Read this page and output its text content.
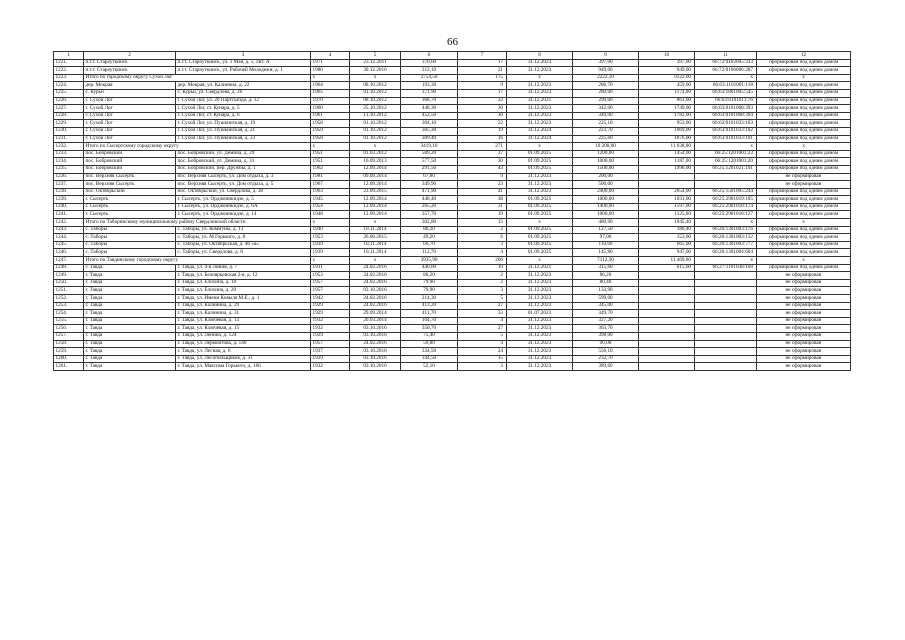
66
1	2	3	4	5	6	7	8	9	10	11	12
1221.	п.г.т. Староуткинск	п.г.т. Староуткинск, ул. 1 Мая, д. 5, лит. А	1971	23.12.2011	370,60	17	31.12.2023	397,00	397,00	66:72:0102005:333	сформирован под одним домом
1222.	п.г.т. Староуткинск	п.г.т. Староуткинск, ул. Рабочей Молодежи, д. 1	1980	30.12.2016	312,10	21	31.12.2023	949,00	949,00	66:72:0106006:287	сформирован под одним домом
1223.	Итого по городскому округу Сухой Лог		x	x	2754,50	175	x	2222,10	9122,00	x	x
1224.	дер. Мокрая	дер. Мокрая, ул. Калинина, д. 22	1964	08.10.2012	193,30	9	31.12.2023	286,70	459,00	66:63:1101001:118	сформирован под одним домом
1225.	с. Курьи	с. Курьи, ул. Свердлова, д. 26	1965	01.10.2012	371,90	17	31.12.2023	280,00	1174,00	66:63:1801005:545	сформирован под одним домом
1226.	г. Сухой Лог	г. Сухой Лог, ул. 20 Партсъезда, д. 12	1970	08.10.2012	368,70	32	31.12.2021	299,00	861,00	66:63:0101011:76	сформирован под одним домом
1227.	г. Сухой Лог	г. Сухой Лог, ст. Кунара, д. 5	1960	25.10.2012	448,30	30	31.12.2023	342,00	1749,00	66:63:0101068:393	сформирован под одним домом
1228.	г. Сухой Лог	г. Сухой Лог, ст. Кунара, д. 6	1961	11.10.2012	452,50	30	31.12.2023	340,00	1782,00	66:63:0101068:394	сформирован под одним домом
1229.	г. Сухой Лог	г. Сухой Лог, ул. Пушкинская, д. 19	1958	01.10.2012	304,10	22	31.12.2023	225,10	953,00	66:63:0101033:103	сформирован под одним домом
1230.	г. Сухой Лог	г. Сухой Лог, ул. Пушкинская, д. 21	1959	01.10.2012	305,30	19	31.12.2024	223,70	1069,00	66:63:0101033:102	сформирован под одним домом
1231.	г. Сухой Лог	г. Сухой Лог, ул. Пушкинская, д. 23	1958	01.10.2012	309,40	16	31.12.2024	225,60	1076,00	66:63:0101033:101	сформирован под одним домом
1232.	Итого по Сысертскому городскому округу		x	x	3419,10	271	x	10 200,00	11 038,00	x	x
1233.	пос. Бобровский	пос. Бобровский, ул. Демина, д. 29	1951	01.03.2012	589,20	37	01.09.2025	1200,00	1454,00	66:25:1201001:23	сформирован под одним домом
1234.	пос. Бобровский	пос. Бобровский, ул. Демина, д. 31	1951	16.09.2013	577,50	30	01.09.2025	1000,00	1187,00	66:25:1201001:20	сформирован под одним домом
1235.	пос. Бобровский	пос. Бобровский, пер. Дружбы, д. 1	1962	12.09.2014	291,50	43	01.09.2025	1500,00	1990,00	66:25:1201021:101	сформирован под одним домом
1236.	пос. Верхняя Сысерть	пос. Верхняя Сысерть, ул. Дом отдыха, д. 3	1981	09.09.2014	67,80	9	31.12.2023	200,00			не сформирован
1237.	пос. Верхняя Сысерть	пос. Верхняя Сысерть, ул. Дом отдыха, д. 5	1967	12.09.2014	349,90	23	31.12.2023	500,00			не сформирован
1238.	пос. Октябрьский	пос. Октябрьский, ул. Свердлова, д. 38	1963	23.09.2015	471,90	41	31.12.2023	2400,00	2654,00	66:25:1501005:244	сформирован под одним домом
1239.	г. Сысерть	г. Сысерть, ул. Орджоникидзе, д. 5	1945	12.09.2014	448,40	38	01.09.2025	1000,00	1031,00	66:25:2901019:105	сформирован под одним домом
1240.	г. Сысерть	г. Сысерть, ул. Орджоникидзе, д. 6А	1954	12.09.2014	265,20	31	01.09.2025	1400,00	1597,00	66:25:2901018:174	сформирован под одним домом
1241.	г. Сысерть	г. Сысерть, ул. Орджоникидзе, д. 14	1948	12.09.2014	357,70	19	01.09.2025	1000,00	1125,00	66:25:2901018:127	сформирован под одним домом
1242.	Итого по Таборинскому муниципальному району Свердловской области		x	x	302,80	15	x	480,90	1945,40	x	x
1243.	с. Таборы	с. Таборы, ул. Коммуны, д. 13	1940	10.11.2014	80,20	2	01.09.2025	127,50	180,40	66:26:1301003:176	сформирован под одним домом
1244.	с. Таборы	с. Таборы, ул. М.Горького, д. 8	1953	26.06.2015	49,20	6	01.09.2025	97,00	153,00	66:26:1301003:132	сформирован под одним домом
1245.	с. Таборы	с. Таборы, ул. Октябрьская, д. 46 «а»	1939	10.11.2014	60,70	3	01.09.2025	110,60	665,00	66:26:1301003:777	сформирован под одним домом
1246.	с. Таборы	с. Таборы, ул. Свердлова, д. 8	1939	10.11.2014	112,70	4	01.09.2025	145,80	947,00	66:26:1301004:604	сформирован под одним домом
1247.	Итого по Тавдинскому городскому округу		x	x	3935,90	206	x	7112,30	11 469,60	x	x
1248.	г. Тавда	г. Тавда, ул. 4-я Линия, д. 7	1931	24.02.2016	440,00	10	31.12.2021	315,60	615,60	66:27:1101038:168	сформирован под одним домом
1249.	г. Тавда	г. Тавда, ул. Белоярковская 2-я, д. 12	1953	24.02.2016	86,20	2	31.12.2023	86,20			не сформирован
1250.	г. Тавда	г. Тавда, ул. Елохина, д. 18	1957	24.02.2016	79,90	2	31.12.2023	80,40			не сформирован
1251.	г. Тавда	г. Тавда, ул. Елохина, д. 20	1957	03.10.2016	79,90	3	31.12.2023	133,90			не сформирован
1252.	г. Тавда	г. Тавда, ул. Имени Ковыля М.Е., д. 1	1942	24.02.2016	214,30	5	31.12.2023	599,00			не сформирован
1253.	г. Тавда	г. Тавда, ул. Калинина, д. 29	1929	24.02.2016	413,20	27	31.12.2023	345,00			не сформирован
1254.	г. Тавда	г. Тавда, ул. Калинина, д. 31	1929	29.09.2014	411,70	33	01.07.2023	349,70			не сформирован
1255.	г. Тавда	г. Тавда, ул. Ключевая, д. 13	1932	20.03.2014	104,70	4	31.12.2023	327,20			не сформирован
1256.	г. Тавда	г. Тавда, ул. Ключевая, д. 15	1932	03.10.2016	350,70	27	31.12.2023	363,70			не сформирован
1257.	г. Тавда	г. Тавда, ул. Ленина, д. 124	1929	03.10.2016	75,40	5	31.12.2023	398,00			не сформирован
1258.	г. Тавда	г. Тавда, ул. Лермонтова, д. 140	1957	24.02.2016	59,80	4	31.12.2023	96,00			не сформирован
1259.	г. Тавда	г. Тавда, ул. Лесная, д. 6	1937	03.10.2016	334,50	24	31.12.2023	556,10			не сформирован
1260.	г. Тавда	г. Тавда, ул. Лесопильщиков, д. 31	1929	03.10.2016	344,50	15	31.12.2023	232,70			не сформирован
1261.	г. Тавда	г. Тавда, ул. Максима Горького, д. 166	1932	03.10.2016	52,10	3	31.12.2023	389,60			не сформирован
